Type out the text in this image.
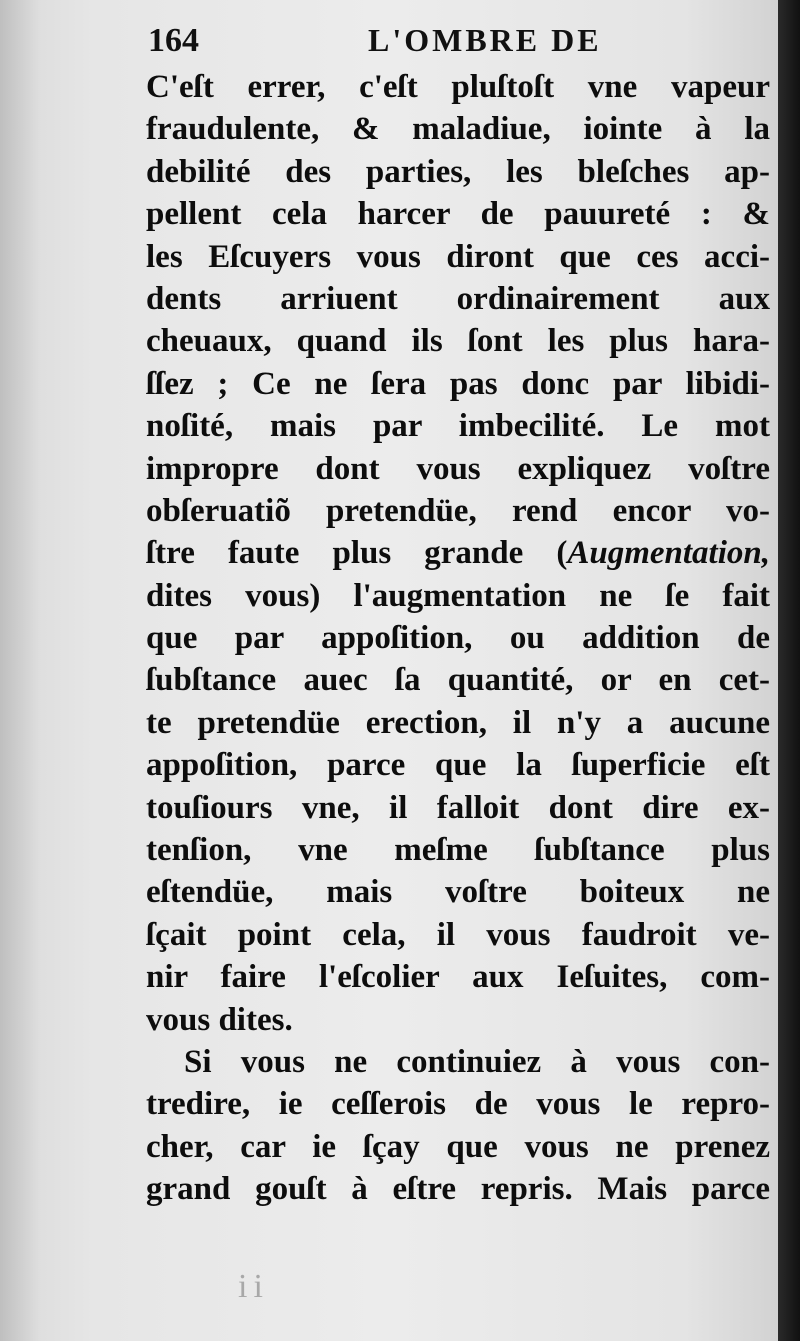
164	L'OMBRE DE
C'eſt errer, c'eſt pluſtoſt vne vapeur
fraudulente, & maladiue, iointe à la
debilité des parties, les bleſches ap-
pellent cela harcer de pauureté : &
les Eſcuyers vous diront que ces acci-
dents arriuent ordinairement aux
cheuaux, quand ils ſont les plus hara-
ſſez ; Ce ne ſera pas donc par libidi-
noſité, mais par imbecilité. Le mot
impropre dont vous expliquez voſtre
obſeruatiõ pretendüe, rend encor vo-
ſtre faute plus grande (Augmentation,
dites vous) l'augmentation ne ſe fait
que par appoſition, ou addition de
ſubſtance auec ſa quantité, or en cet-
te pretendüe erection, il n'y a aucune
appoſition, parce que la ſuperficie eſt
touſiours vne, il falloit dont dire ex-
tenſion, vne meſme ſubſtance plus
eſtendüe, mais voſtre boiteux ne
ſçait point cela, il vous faudroit ve-
nir faire l'eſcolier aux Ieſuites, com-
vous dites.
Si vous ne continuiez à vous con-
tredire, ie ceſſerois de vous le repro-
cher, car ie ſçay que vous ne prenez
grand gouſt à eſtre repris. Mais parce
ii
